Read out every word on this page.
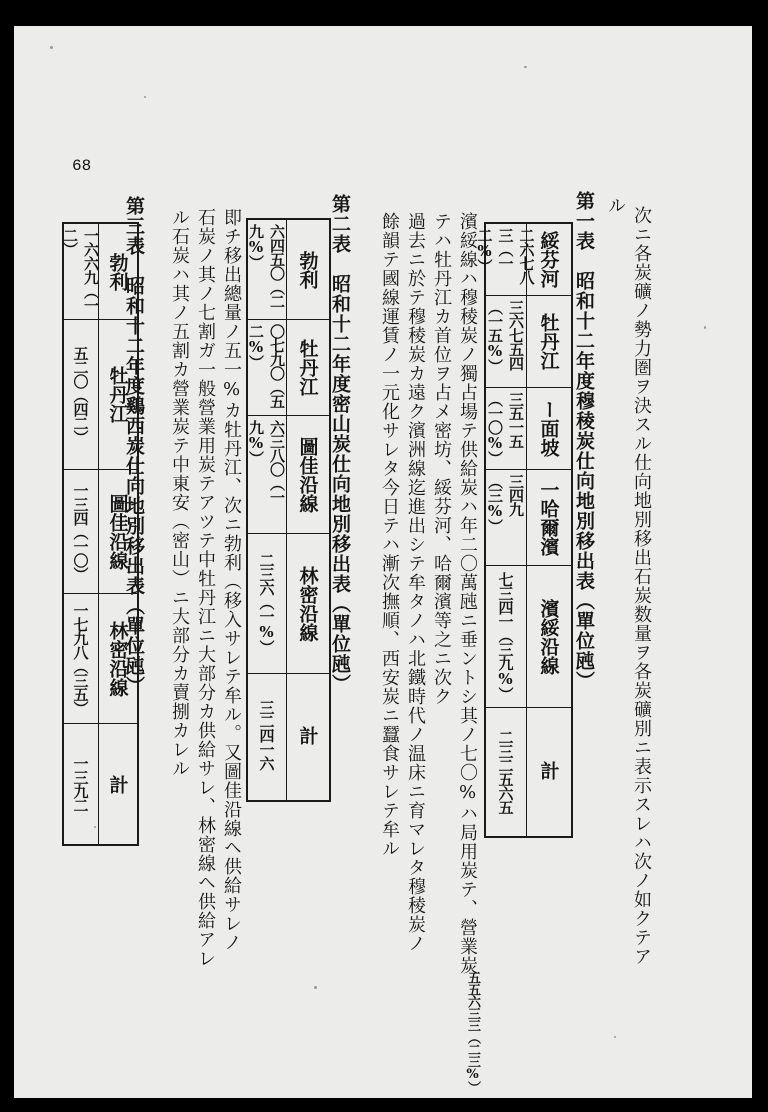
68
次ニ各炭礦ノ勢力圏ヲ決スル仕向地別移出石炭数量ヲ各炭礦別ニ表示スレハ次ノ如クテア
ル
第一表　昭和十二年度穆稜炭仕向地別移出表（單位瓲）
綏芬河
牡丹江
ー面坡
一哈爾濱
濱綏沿線
計
二六七八三（一二%）
三六七五四（一五%）
三五一五（一〇%）
三四九（三%）
七三四一（三九%）
二三二五六五
濱綏線ハ穆稜炭ノ獨占場テ供給炭ハ年二〇萬瓲ニ垂ントシ其ノ七〇%ハ局用炭テ、營業炭
テハ牡丹江カ首位ヲ占メ密坊、綏芬河、哈爾濱等之ニ次ク
過去ニ於テ穆稜炭カ遠ク濱洲線迄進出シテ牟タノハ北鐵時代ノ温床ニ育マレタ穆稜炭ノ
餘韻テ國線運賃ノ一元化サレタ今日テハ漸次撫順、西安炭ニ蠶食サレテ牟ル
第二表　昭和十二年度密山炭仕向地別移出表（單位瓲）
勃利
牡丹江
圖佳沿線
林密沿線
計
六四五〇（二九%）
〇七九〇（五二%）
六三八〇（一九%）
二三六（一%）
三二四一六
即チ移出總量ノ五一%カ牡丹江、次ニ勃利（移入サレテ牟ル。又圖佳沿線ヘ供給サレノ
石炭ノ其ノ七割ガ一般營業用炭テアツテ中牡丹江ニ大部分カ供給サレ、林密線ヘ供給アレ
ル石炭ハ其ノ五割カ營業炭テ中東安（密山）ニ大部分カ賣捌カレル
第三表　昭和十二年度鷄西炭仕向地別移出表（單位瓲）
勃利
牡丹江
圖佳沿線
林密沿線
計
一六六九（一二）
五二〇（四二）
一三四（一〇）
一七九八（三五）
一三九二
五五六三三（二三%）
